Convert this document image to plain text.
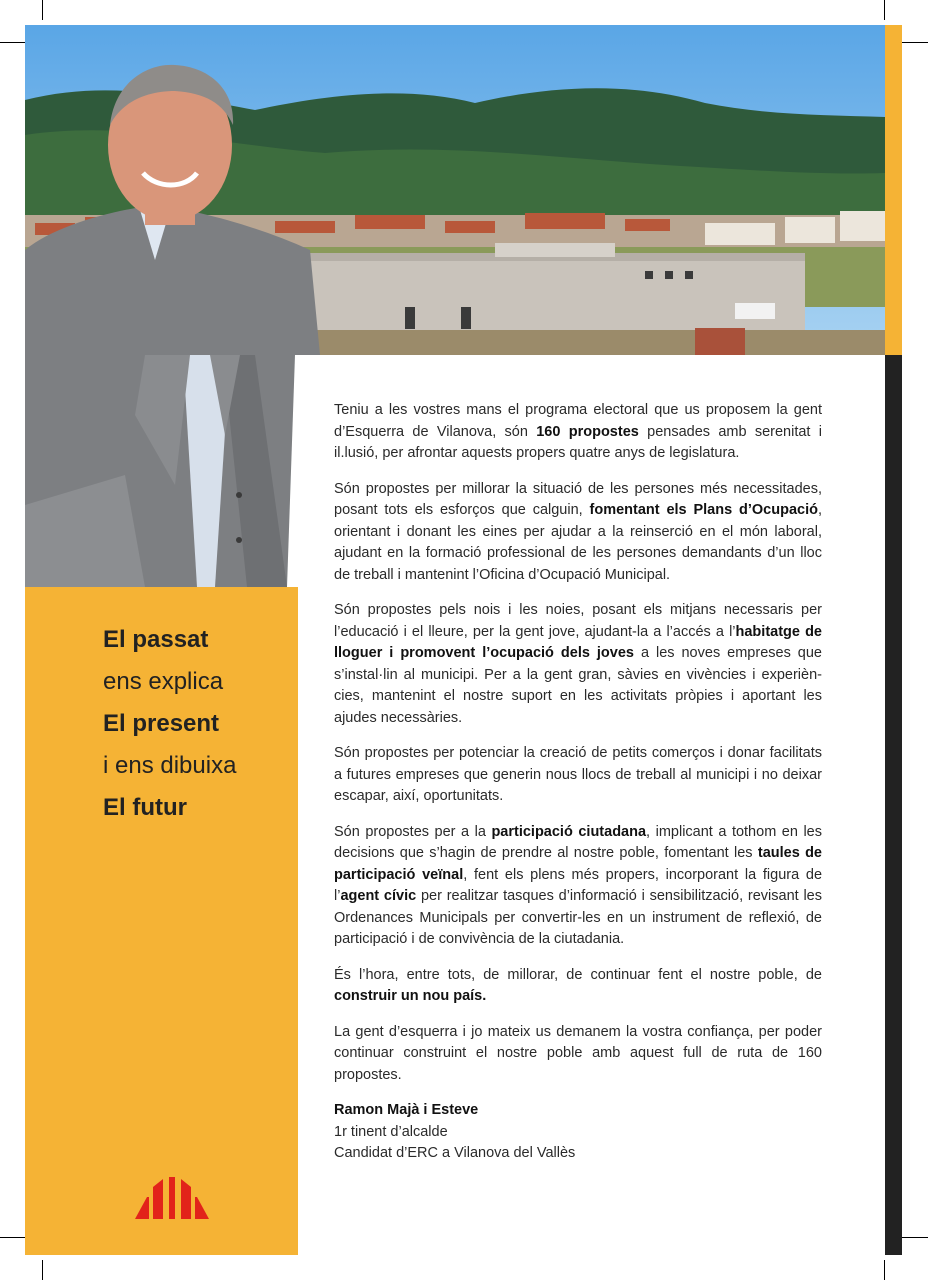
El passat
ens explica
El present
i ens dibuixa
El futur

Teniu a les vostres mans el programa electoral que us proposem la gent d’Esquerra de Vilanova, són 160 propostes pensades amb serenitat i il.lusió, per afrontar aquests propers quatre anys de legislatura.

Són propostes per millorar la situació de les persones més necessitades, posant tots els esforços que calguin, fomentant els Plans d’Ocupació, orientant i donant les eines per ajudar a la reinserció en el món laboral, ajudant en la formació professional de les persones demandants d’un lloc de treball i mantenint l’Oficina d’Ocupació Municipal.

Són propostes pels nois i les noies, posant els mitjans necessaris per l’educació i el lleure, per la gent jove, ajudant-la a l’accés a l’habitatge de lloguer i promovent l’ocupació dels joves a les noves empreses que s’instal·lin al municipi. Per a la gent gran, sàvies en vivències i experiències, mantenint el nostre suport en les activitats pròpies i aportant les ajudes necessàries.

Són propostes per potenciar la creació de petits comerços i donar facilitats a futures empreses que generin nous llocs de treball al municipi i no deixar escapar, així, oportunitats.

Són propostes per a la participació ciutadana, implicant a tothom en les decisions que s’hagin de prendre al nostre poble, fomentant les taules de participació veïnal, fent els plens més propers, incorporant la figura de l’agent cívic per realitzar tasques d’informació i sensibilització, revisant les Ordenances Municipals per convertir-les en un instrument de reflexió, de participació i de convivència de la ciutadania.

És l’hora, entre tots, de millorar, de continuar fent el nostre poble, de construir un nou país.

La gent d’esquerra i jo mateix us demanem la vostra confiança, per poder continuar construint el nostre poble amb aquest full de ruta de 160 propostes.

Ramon Majà i Esteve
1r tinent d’alcalde
Candidat d’ERC a Vilanova del Vallès
